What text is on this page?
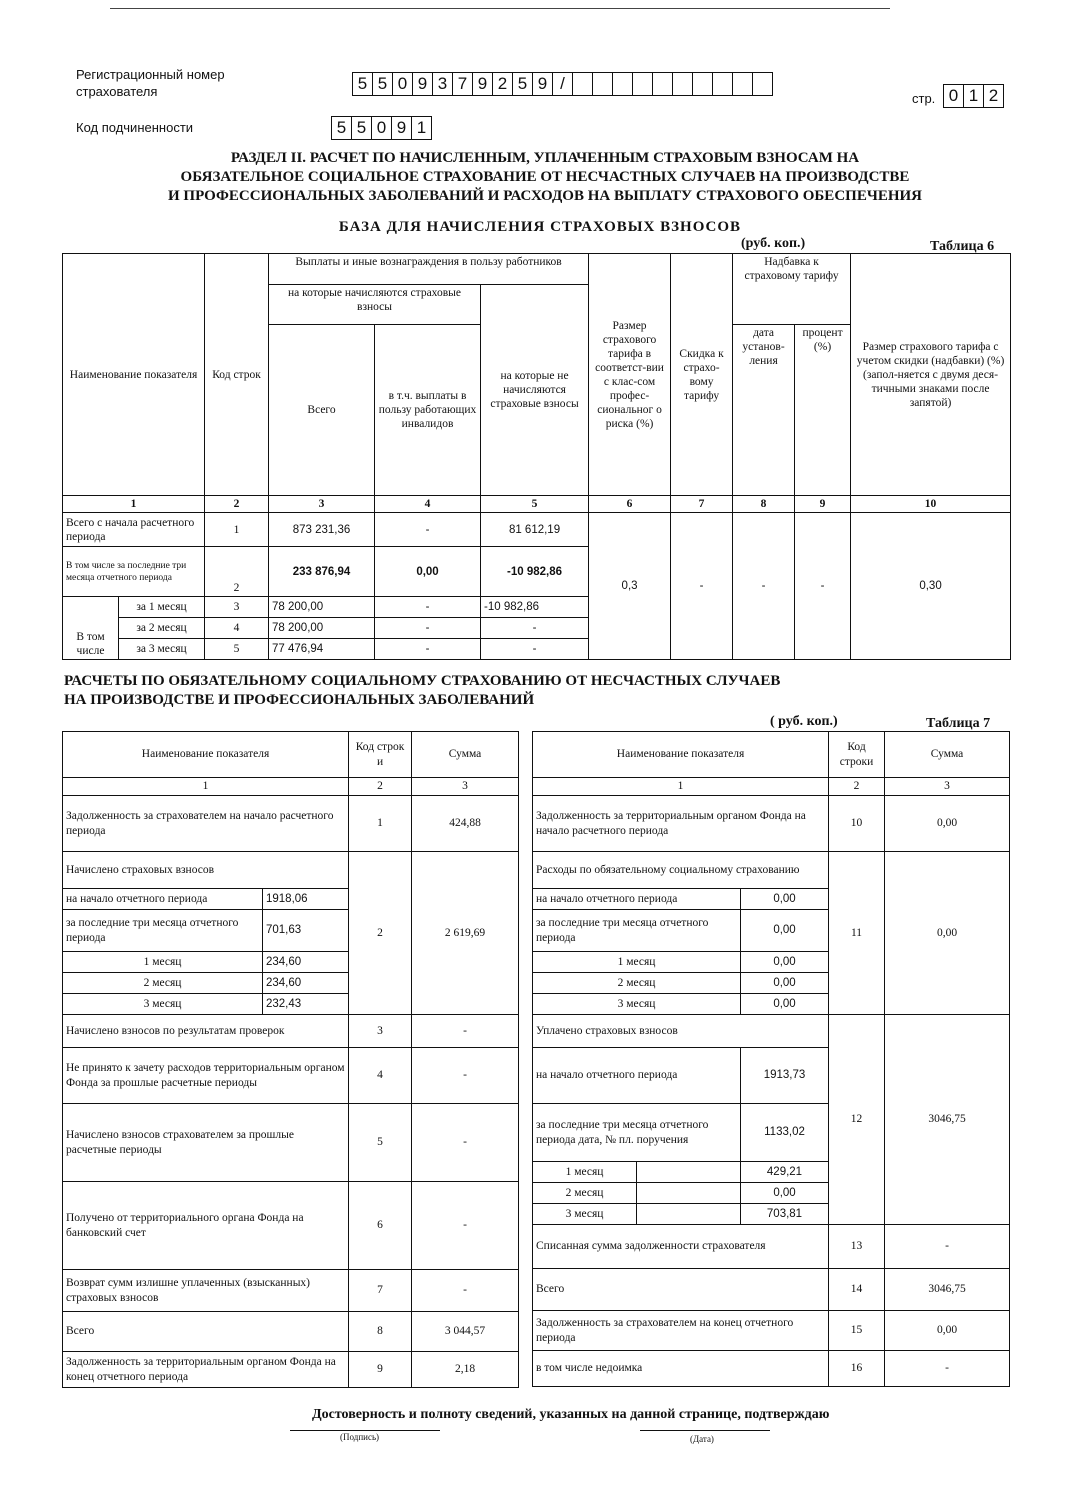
Регистрационный номер
страхователя	5 5 0 9 3 7 9 2 5 9 /
стр. 0 1 2
Код подчиненности	5 5 0 9 1
РАЗДЕЛ II. РАСЧЕТ ПО НАЧИСЛЕННЫМ, УПЛАЧЕННЫМ СТРАХОВЫМ ВЗНОСАМ НА
ОБЯЗАТЕЛЬНОЕ СОЦИАЛЬНОЕ СТРАХОВАНИЕ ОТ НЕСЧАСТНЫХ СЛУЧАЕВ НА ПРОИЗВОДСТВЕ
И ПРОФЕССИОНАЛЬНЫХ ЗАБОЛЕВАНИЙ И РАСХОДОВ НА ВЫПЛАТУ СТРАХОВОГО ОБЕСПЕЧЕНИЯ
БАЗА ДЛЯ НАЧИСЛЕНИЯ СТРАХОВЫХ ВЗНОСОВ
(руб. коп.)	Таблица 6
Наименование показателя		Код строк	Выплаты и иные вознаграждения в пользу работников			Размер страхового тарифа в соответст-вии с клас-сом профес-сиональног о риска (%)	Скидка к страхо-вому тарифу	Надбавка к страховому тарифу		Размер страхового тарифа с учетом скидки (надбавки) (%) (запол-няется с двумя деся-тичными знаками после запятой)
			на которые начисляются страховые взносы		на которые не начисляются страховые взносы					
			Всего	в т.ч. выплаты в пользу работающих инвалидов				дата установ-ления	процент (%)	
1		2	3	4	5	6	7	8	9	10
Всего с начала расчетного периода		1	873 231,36	-	81 612,19	0,3	-	-	-	0,30
В том числе за последние три месяца отчетного периода		2	233 876,94	0,00	-10 982,86					
В том числе	за 1 месяц	3	78 200,00	-	-10 982,86					
	за 2 месяц	4	78 200,00	-	-					
	за 3 месяц	5	77 476,94	-	-					
РАСЧЕТЫ ПО ОБЯЗАТЕЛЬНОМУ СОЦИАЛЬНОМУ СТРАХОВАНИЮ ОТ НЕСЧАСТНЫХ СЛУЧАЕВ
НА ПРОИЗВОДСТВЕ И ПРОФЕССИОНАЛЬНЫХ ЗАБОЛЕВАНИЙ
( руб. коп.)	Таблица 7
Наименование показателя		Код строк и	Сумма
1		2	3
Задолженность за страхователем на начало расчетного периода		1	424,88
Начислено страховых взносов		2	2 619,69
на начало отчетного периода	1918,06		
за последние три месяца отчетного периода	701,63		
1 месяц	234,60		
2 месяц	234,60		
3 месяц	232,43		
Начислено взносов по результатам проверок		3	-
Не принято к зачету расходов территориальным органом Фонда за прошлые расчетные периоды		4	-
Начислено взносов страхователем за прошлые расчетные периоды		5	-
Получено от территориального органа Фонда на банковский счет		6	-
Возврат сумм излишне уплаченных (взысканных) страховых взносов		7	-
Всего		8	3 044,57
Задолженность за территориальным органом Фонда на конец отчетного периода		9	2,18
Наименование показателя			Код строки	Сумма
1			2	3
Задолженность за территориальным органом Фонда на начало расчетного периода			10	0,00
Расходы по обязательному социальному страхованию			11	0,00
на начало отчетного периода		0,00		
за последние три месяца отчетного периода		0,00		
1 месяц		0,00		
2 месяц		0,00		
3 месяц		0,00		
Уплачено страховых взносов			12	3046,75
на начало отчетного периода		1913,73		
за последние три месяца отчетного периода дата, № пл. поручения		1133,02		
1 месяц		429,21		
2 месяц		0,00		
3 месяц		703,81		
Списанная сумма задолженности страхователя			13	-
Всего			14	3046,75
Задолженность за страхователем на конец отчетного периода			15	0,00
в том числе недоимка			16	-
Достоверность и полноту сведений, указанных на данной странице, подтверждаю
(Подпись)	(Дата)
